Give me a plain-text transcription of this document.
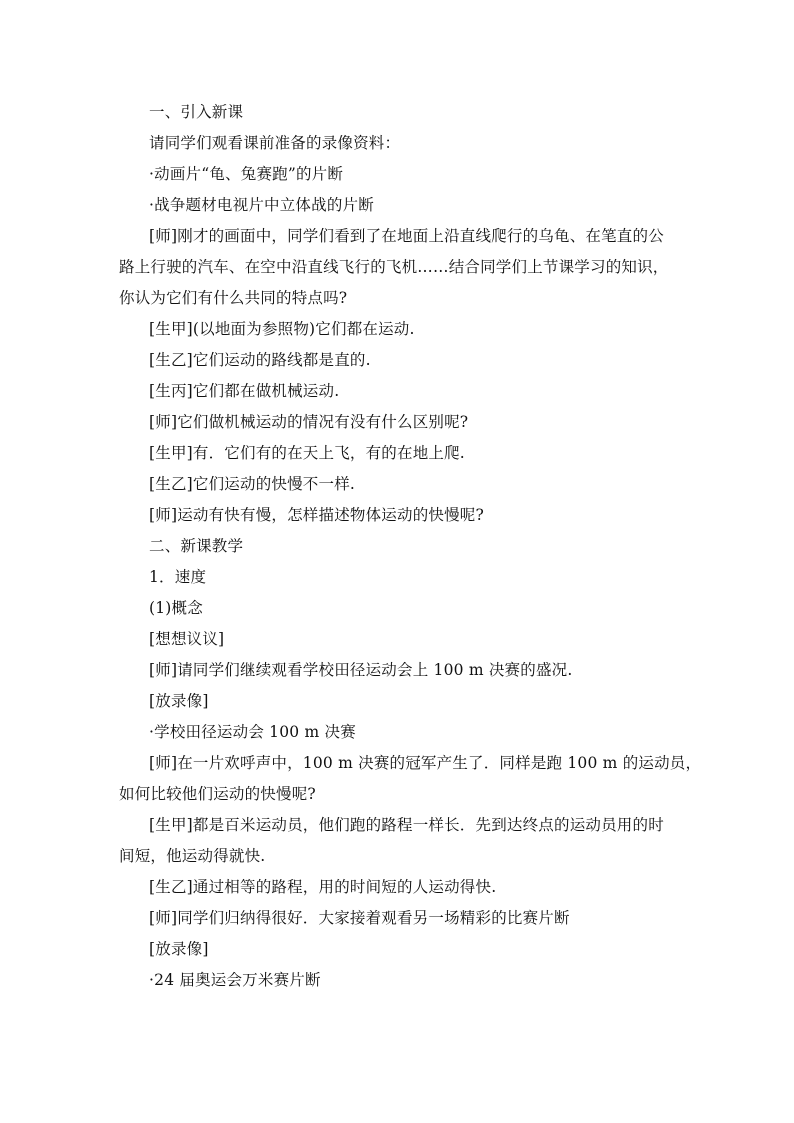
一、引入新课
请同学们观看课前准备的录像资料：
·动画片“龟、兔赛跑”的片断
·战争题材电视片中立体战的片断
[师]刚才的画面中，同学们看到了在地面上沿直线爬行的乌龟、在笔直的公
路上行驶的汽车、在空中沿直线飞行的飞机……结合同学们上节课学习的知识，
你认为它们有什么共同的特点吗?
[生甲](以地面为参照物)它们都在运动.
[生乙]它们运动的路线都是直的.
[生丙]它们都在做机械运动.
[师]它们做机械运动的情况有没有什么区别呢?
[生甲]有．它们有的在天上飞，有的在地上爬.
[生乙]它们运动的快慢不一样.
[师]运动有快有慢，怎样描述物体运动的快慢呢?
二、新课教学
1．速度
(1)概念
[想想议议]
[师]请同学们继续观看学校田径运动会上 100 m 决赛的盛况.
[放录像]
·学校田径运动会 100 m 决赛
[师]在一片欢呼声中，100 m 决赛的冠军产生了．同样是跑 100 m 的运动员，
如何比较他们运动的快慢呢?
[生甲]都是百米运动员，他们跑的路程一样长．先到达终点的运动员用的时
间短，他运动得就快.
[生乙]通过相等的路程，用的时间短的人运动得快.
[师]同学们归纳得很好．大家接着观看另一场精彩的比赛片断
[放录像]
·24 届奥运会万米赛片断
